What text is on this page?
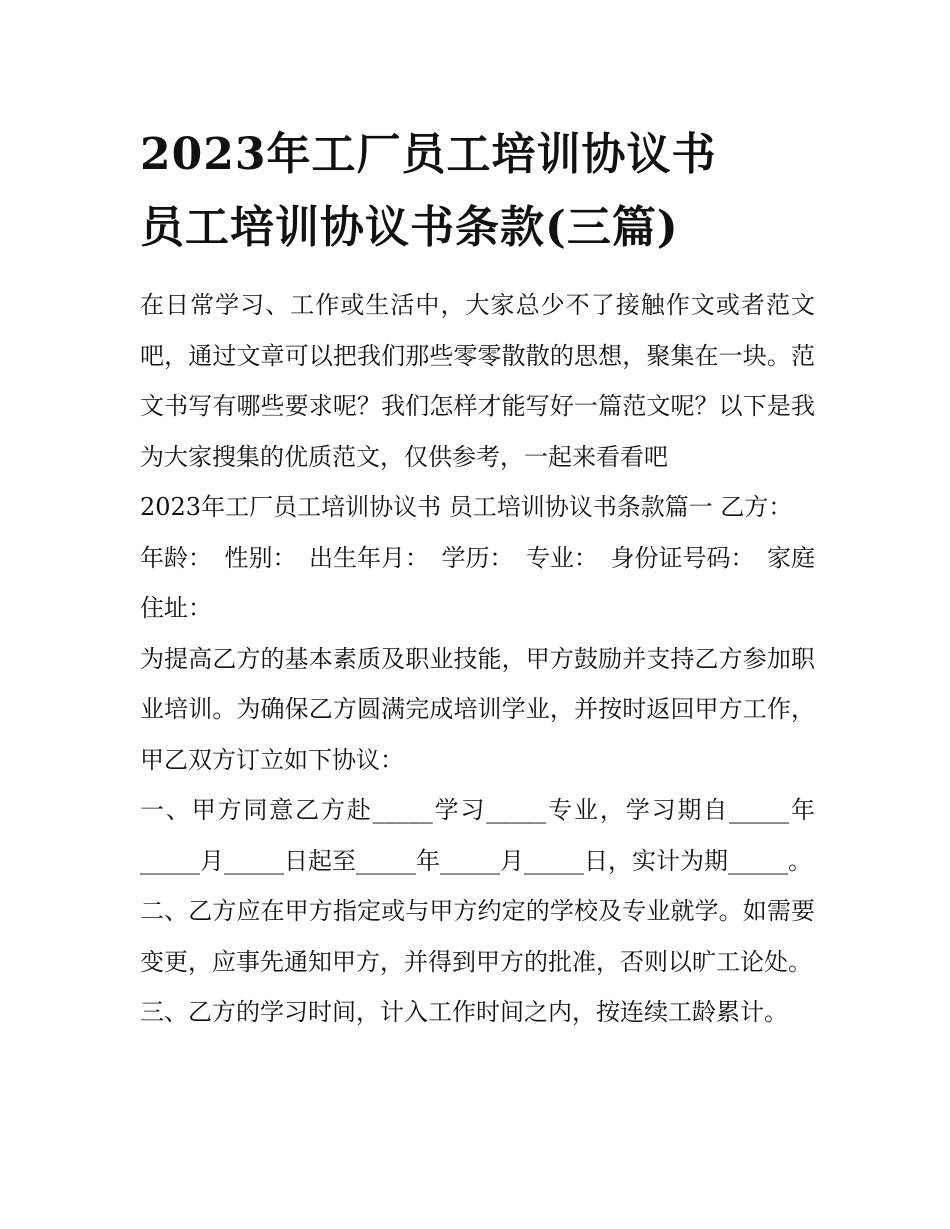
2023年工厂员工培训协议书
员工培训协议书条款(三篇)

在日常学习、工作或生活中，大家总少不了接触作文或者范文吧，通过文章可以把我们那些零零散散的思想，聚集在一块。范文书写有哪些要求呢？我们怎样才能写好一篇范文呢？以下是我为大家搜集的优质范文，仅供参考，一起来看看吧

2023年工厂员工培训协议书 员工培训协议书条款篇一 乙方：

年龄： 性别： 出生年月： 学历： 专业： 身份证号码： 家庭

住址：

为提高乙方的基本素质及职业技能，甲方鼓励并支持乙方参加职业培训。为确保乙方圆满完成培训学业，并按时返回甲方工作，甲乙双方订立如下协议：

一、甲方同意乙方赴_____学习_____专业，学习期自_____年_____月_____日起至_____年_____月_____日，实计为期_____。

二、乙方应在甲方指定或与甲方约定的学校及专业就学。如需要变更，应事先通知甲方，并得到甲方的批准，否则以旷工论处。

三、乙方的学习时间，计入工作时间之内，按连续工龄累计。
